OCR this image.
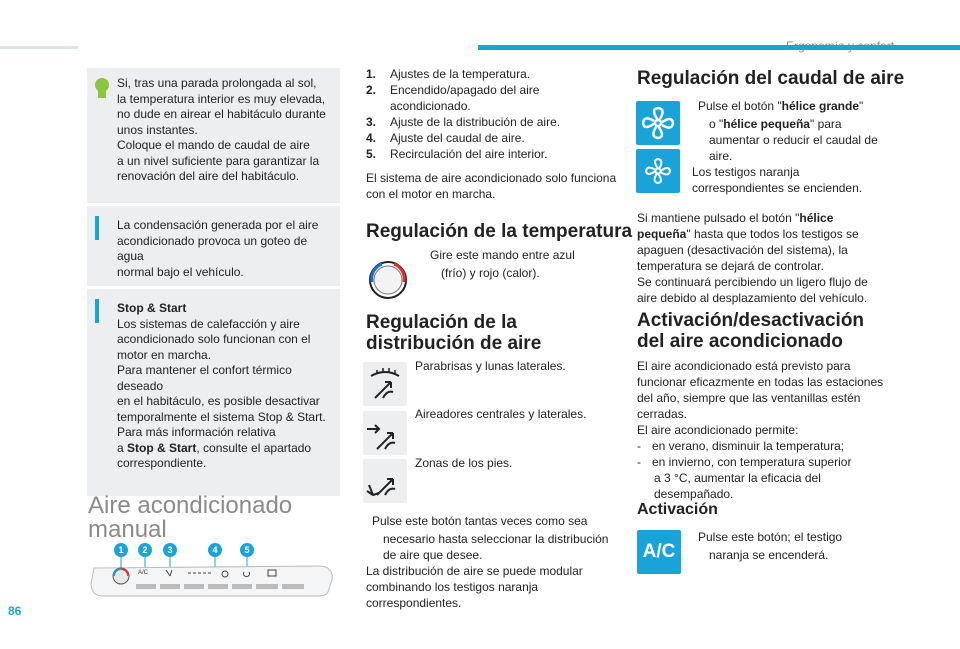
86
Si, tras una parada prolongada al sol,
la temperatura interior es muy elevada,
no dude en airear el habitáculo durante
unos instantes.
Coloque el mando de caudal de aire
a un nivel suficiente para garantizar la
renovación del aire del habitáculo.
La condensación generada por el aire
acondicionado provoca un goteo de agua
normal bajo el vehículo.
Stop & Start
Los sistemas de calefacción y aire
acondicionado solo funcionan con el
motor en marcha.
Para mantener el confort térmico deseado
en el habitáculo, es posible desactivar
temporalmente el sistema Stop & Start.
Para más información relativa
a Stop & Start, consulte el apartado
correspondiente.
Aire acondicionado
manual
1 2 3	4	5
A/C
1.	Ajustes de la temperatura.
2.	Encendido/apagado del aire acondicionado.
3.	Ajuste de la distribución de aire.
4.	Ajuste del caudal de aire.
5.	Recirculación del aire interior.
El sistema de aire acondicionado solo funciona con el motor en marcha.
Regulación de la temperatura
Gire este mando entre azul
(frío) y rojo (calor).
Regulación de la
distribución de aire
Parabrisas y lunas laterales.
Aireadores centrales y laterales.
Zonas de los pies.
Pulse este botón tantas veces como sea
necesario hasta seleccionar la distribución
de aire que desee.
La distribución de aire se puede modular
combinando los testigos naranja
correspondientes.
Regulación del caudal de aire
Pulse el botón "hélice grande"
o "hélice pequeña" para
aumentar o reducir el caudal de
aire.
Los testigos naranja
correspondientes se encienden.
Si mantiene pulsado el botón "hélice
pequeña" hasta que todos los testigos se
apaguen (desactivación del sistema), la
temperatura se dejará de controlar.
Se continuará percibiendo un ligero flujo de
aire debido al desplazamiento del vehículo.
Activación/desactivación
del aire acondicionado
El aire acondicionado está previsto para
funcionar eficazmente en todas las estaciones
del año, siempre que las ventanillas estén
cerradas.
El aire acondicionado permite:
- en verano, disminuir la temperatura;
- en invierno, con temperatura superior
a 3 °C, aumentar la eficacia del
desempañado.
Activación
A/C
Pulse este botón; el testigo
naranja se encenderá.
